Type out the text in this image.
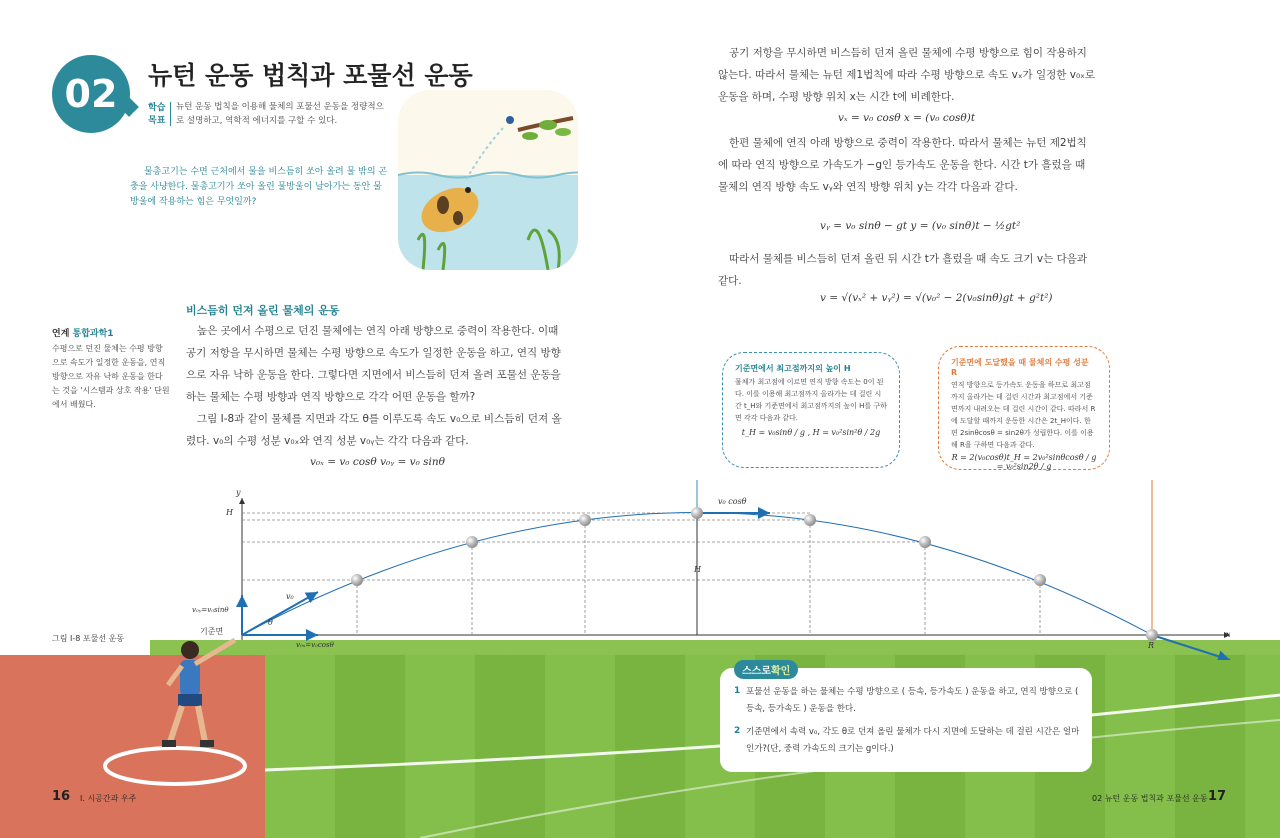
02	뉴턴 운동 법칙과 포물선 운동
학습
목표
뉴턴 운동 법칙을 이용해 물체의 포물선 운동을 정량적으로 설명하고, 역학적 에너지를 구할 수 있다.
물총고기는 수면 근처에서 물을 비스듬히 쏘아 올려 물 밖의 곤충을 사냥한다. 물총고기가 쏘아 올린 물방울이 날아가는 동안 물방울에 작용하는 힘은 무엇일까?
비스듬히 던져 올린 물체의 운동

높은 곳에서 수평으로 던진 물체에는 연직 아래 방향으로 중력이 작용한다. 이때 공기 저항을 무시하면 물체는 수평 방향으로 속도가 일정한 운동을 하고, 연직 방향으로 자유 낙하 운동을 한다. 그렇다면 지면에서 비스듬히 던져 올려 포물선 운동을 하는 물체는 수평 방향과 연직 방향으로 각각 어떤 운동을 할까?

그림 Ⅰ-8과 같이 물체를 지면과 각도 θ를 이루도록 속도 v₀으로 비스듬히 던져 올렸다. v₀의 수평 성분 v₀ₓ와 연직 성분 v₀ᵧ는 각각 다음과 같다.

v₀ₓ = v₀ cosθ v₀ᵧ = v₀ sinθ
연계 통합과학1
수평으로 던진 물체는 수평 방향으로 속도가 일정한 운동을, 연직 방향으로 자유 낙하 운동을 한다는 것을 '시스템과 상호 작용' 단원에서 배웠다.

공기 저항을 무시하면 비스듬히 던져 올린 물체에 수평 방향으로 힘이 작용하지 않는다. 따라서 물체는 뉴턴 제1법칙에 따라 수평 방향으로 속도 vₓ가 일정한 v₀ₓ로 운동을 하며, 수평 방향 위치 x는 시간 t에 비례한다.

vₓ = v₀ cosθ x = (v₀ cosθ)t

한편 물체에 연직 아래 방향으로 중력이 작용한다. 따라서 물체는 뉴턴 제2법칙에 따라 연직 방향으로 가속도가 −g인 등가속도 운동을 한다. 시간 t가 흘렀을 때 물체의 연직 방향 속도 vᵧ와 연직 방향 위치 y는 각각 다음과 같다.

vᵧ = v₀ sinθ − gt y = (v₀ sinθ)t − ½gt²

따라서 물체를 비스듬히 던져 올린 뒤 시간 t가 흘렀을 때 속도 크기 v는 다음과 같다.

v = √(vₓ² + vᵧ²) = √(v₀² − 2(v₀sinθ)gt + g²t²)
기준면에서 최고점까지의 높이 H
물체가 최고점에 이르면 연직 방향 속도는 0이 된다. 이를 이용해 최고점까지 올라가는 데 걸린 시간 t_H와 기준면에서 최고점까지의 높이 H를 구하면 각각 다음과 같다.
t_H = v₀sinθ / g , H = v₀²sin²θ / 2g
기준면에 도달했을 때 물체의 수평 성분 R
연직 방향으로 등가속도 운동을 하므로 최고점까지 올라가는 데 걸린 시간과 최고점에서 기준면까지 내려오는 데 걸린 시간이 같다. 따라서 R에 도달할 때까지 운동한 시간은 2t_H이다. 한편 2sinθcosθ = sin2θ가 성립한다. 이를 이용해 R을 구하면 다음과 같다.
R = 2(v₀cosθ)t_H = 2v₀²sinθcosθ / g = v₀²sin2θ / g
y
x
H
H
R
기준면
v₀
θ
v₀ᵧ=v₀sinθ
v₀ₓ=v₀cosθ
v₀ cosθ
그림 Ⅰ-8 포물선 운동
스스로확인
1 포물선 운동을 하는 물체는 수평 방향으로 ( 등속, 등가속도 ) 운동을 하고, 연직 방향으로 ( 등속, 등가속도 ) 운동을 한다.
2 기준면에서 속력 v₀, 각도 θ로 던져 올린 물체가 다시 지면에 도달하는 데 걸린 시간은 얼마인가?(단, 중력 가속도의 크기는 g이다.)
16 Ⅰ. 시공간과 우주	02 뉴턴 운동 법칙과 포물선 운동 17
